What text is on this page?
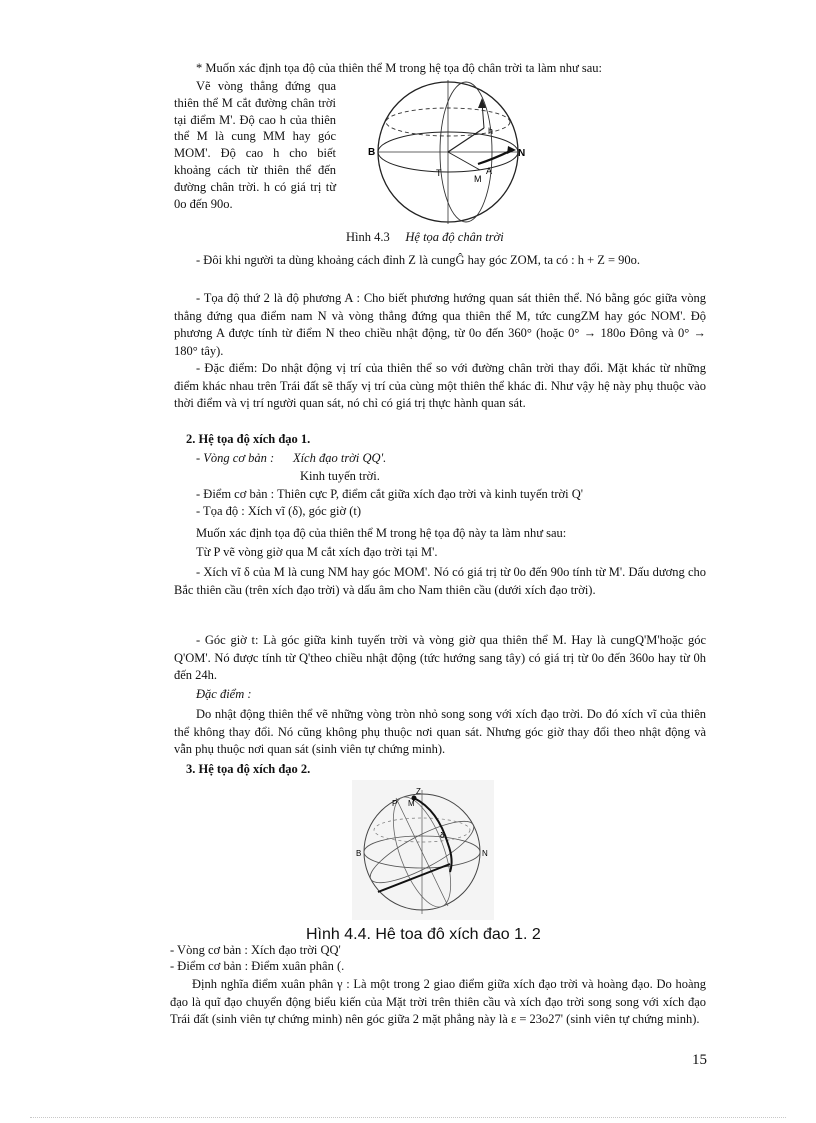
* Muốn xác định tọa độ của thiên thể M trong hệ tọa độ chân trời ta làm như sau:

Vẽ vòng thẳng đứng qua thiên thể M cắt đường chân trời tại điểm M'. Độ cao h của thiên thể M là cung MM hay góc MOM'. Độ cao h cho biết khoảng cách từ thiên thể đến đường chân trời. h có giá trị từ 0o đến 90o.

B	N
T
M
h
A
Hình 4.3 Hệ tọa độ chân trời

- Đôi khi người ta dùng khoảng cách đỉnh Z là cungĜ hay góc ZOM, ta có : h + Z = 90o.

- Tọa độ thứ 2 là độ phương A : Cho biết phương hướng quan sát thiên thể. Nó bằng góc giữa vòng thẳng đứng qua điểm nam N và vòng thẳng đứng qua thiên thể M, tức cungZM hay góc NOM'. Độ phương A được tính từ điểm N theo chiều nhật động, từ 0o đến 360° (hoặc 0° → 180o Đông và 0° → 180° tây).

- Đặc điểm: Do nhật động vị trí của thiên thể so với đường chân trời thay đổi. Mặt khác từ những điểm khác nhau trên Trái đất sẽ thấy vị trí của cùng một thiên thể khác đi. Như vậy hệ này phụ thuộc vào thời điểm và vị trí người quan sát, nó chỉ có giá trị thực hành quan sát.

2. Hệ tọa độ xích đạo 1.
- Vòng cơ bản : Xích đạo trời QQ'.
Kinh tuyến trời.

- Điểm cơ bản : Thiên cực P, điểm cắt giữa xích đạo trời và kinh tuyến trời Q'

- Tọa độ : Xích vĩ (δ), góc giờ (t)

Muốn xác định tọa độ của thiên thể M trong hệ tọa độ này ta làm như sau:

Từ P vẽ vòng giờ qua M cắt xích đạo trời tại M'.

- Xích vĩ δ của M là cung NM hay góc MOM'. Nó có giá trị từ 0o đến 90o tính từ M'. Dấu dương cho Bắc thiên cầu (trên xích đạo trời) và dấu âm cho Nam thiên cầu (dưới xích đạo trời).

- Góc giờ t: Là góc giữa kinh tuyến trời và vòng giờ qua thiên thể M. Hay là cungQ'M'hoặc góc Q'OM'. Nó được tính từ Q'theo chiều nhật động (tức hướng sang tây) có giá trị từ 0o đến 360o hay từ 0h đến 24h.

Đặc điểm :

Do nhật động thiên thể vẽ những vòng tròn nhỏ song song với xích đạo trời. Do đó xích vĩ của thiên thể không thay đổi. Nó cũng không phụ thuộc nơi quan sát. Nhưng góc giờ thay đổi theo nhật động và vẫn phụ thuộc nơi quan sát (sinh viên tự chứng minh).

3. Hệ tọa độ xích đạo 2.
Z
M
B	N
P
δ
Hình 4.4. Hê toa đô xích đao 1. 2

- Vòng cơ bản : Xích đạo trời QQ'

- Điểm cơ bản : Điểm xuân phân (.

Định nghĩa điểm xuân phân γ : Là một trong 2 giao điểm giữa xích đạo trời và hoàng đạo. Do hoàng đạo là quĩ đạo chuyển động biểu kiến của Mặt trời trên thiên cầu và xích đạo trời song song với xích đạo Trái đất (sinh viên tự chứng minh) nên góc giữa 2 mặt phẳng này là ε = 23o27' (sinh viên tự chứng minh).

15
